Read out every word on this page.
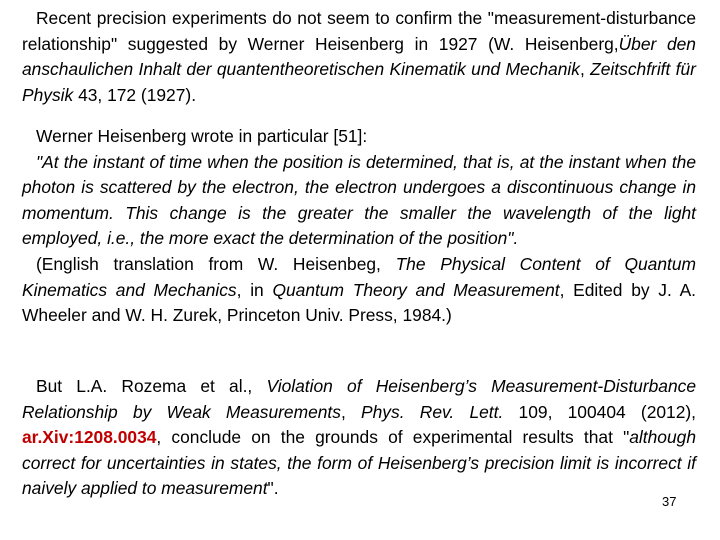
Recent precision experiments do not seem to confirm the "measurement-disturbance relationship" suggested by Werner Heisenberg in 1927 (W. Heisenberg,Über den anschaulichen Inhalt der quantentheoretischen Kinematik und Mechanik, Zeitschfrift für Physik 43, 172 (1927).

Werner Heisenberg wrote in particular [51]:
"At the instant of time when the position is determined, that is, at the instant when the photon is scattered by the electron, the electron undergoes a discontinuous change in momentum. This change is the greater the smaller the wavelength of the light employed, i.e., the more exact the determination of the position".
(English translation from W. Heisenbeg, The Physical Content of Quantum Kinematics and Mechanics, in Quantum Theory and Measurement, Edited by J. A. Wheeler and W. H. Zurek, Princeton Univ. Press, 1984.)

But L.A. Rozema et al., Violation of Heisenberg’s Measurement-Disturbance Relationship by Weak Measurements, Phys. Rev. Lett. 109, 100404 (2012), ar.Xiv:1208.0034, conclude on the grounds of experimental results that "although correct for uncertainties in states, the form of Heisenberg’s precision limit is incorrect if naively applied to measurement".

37
